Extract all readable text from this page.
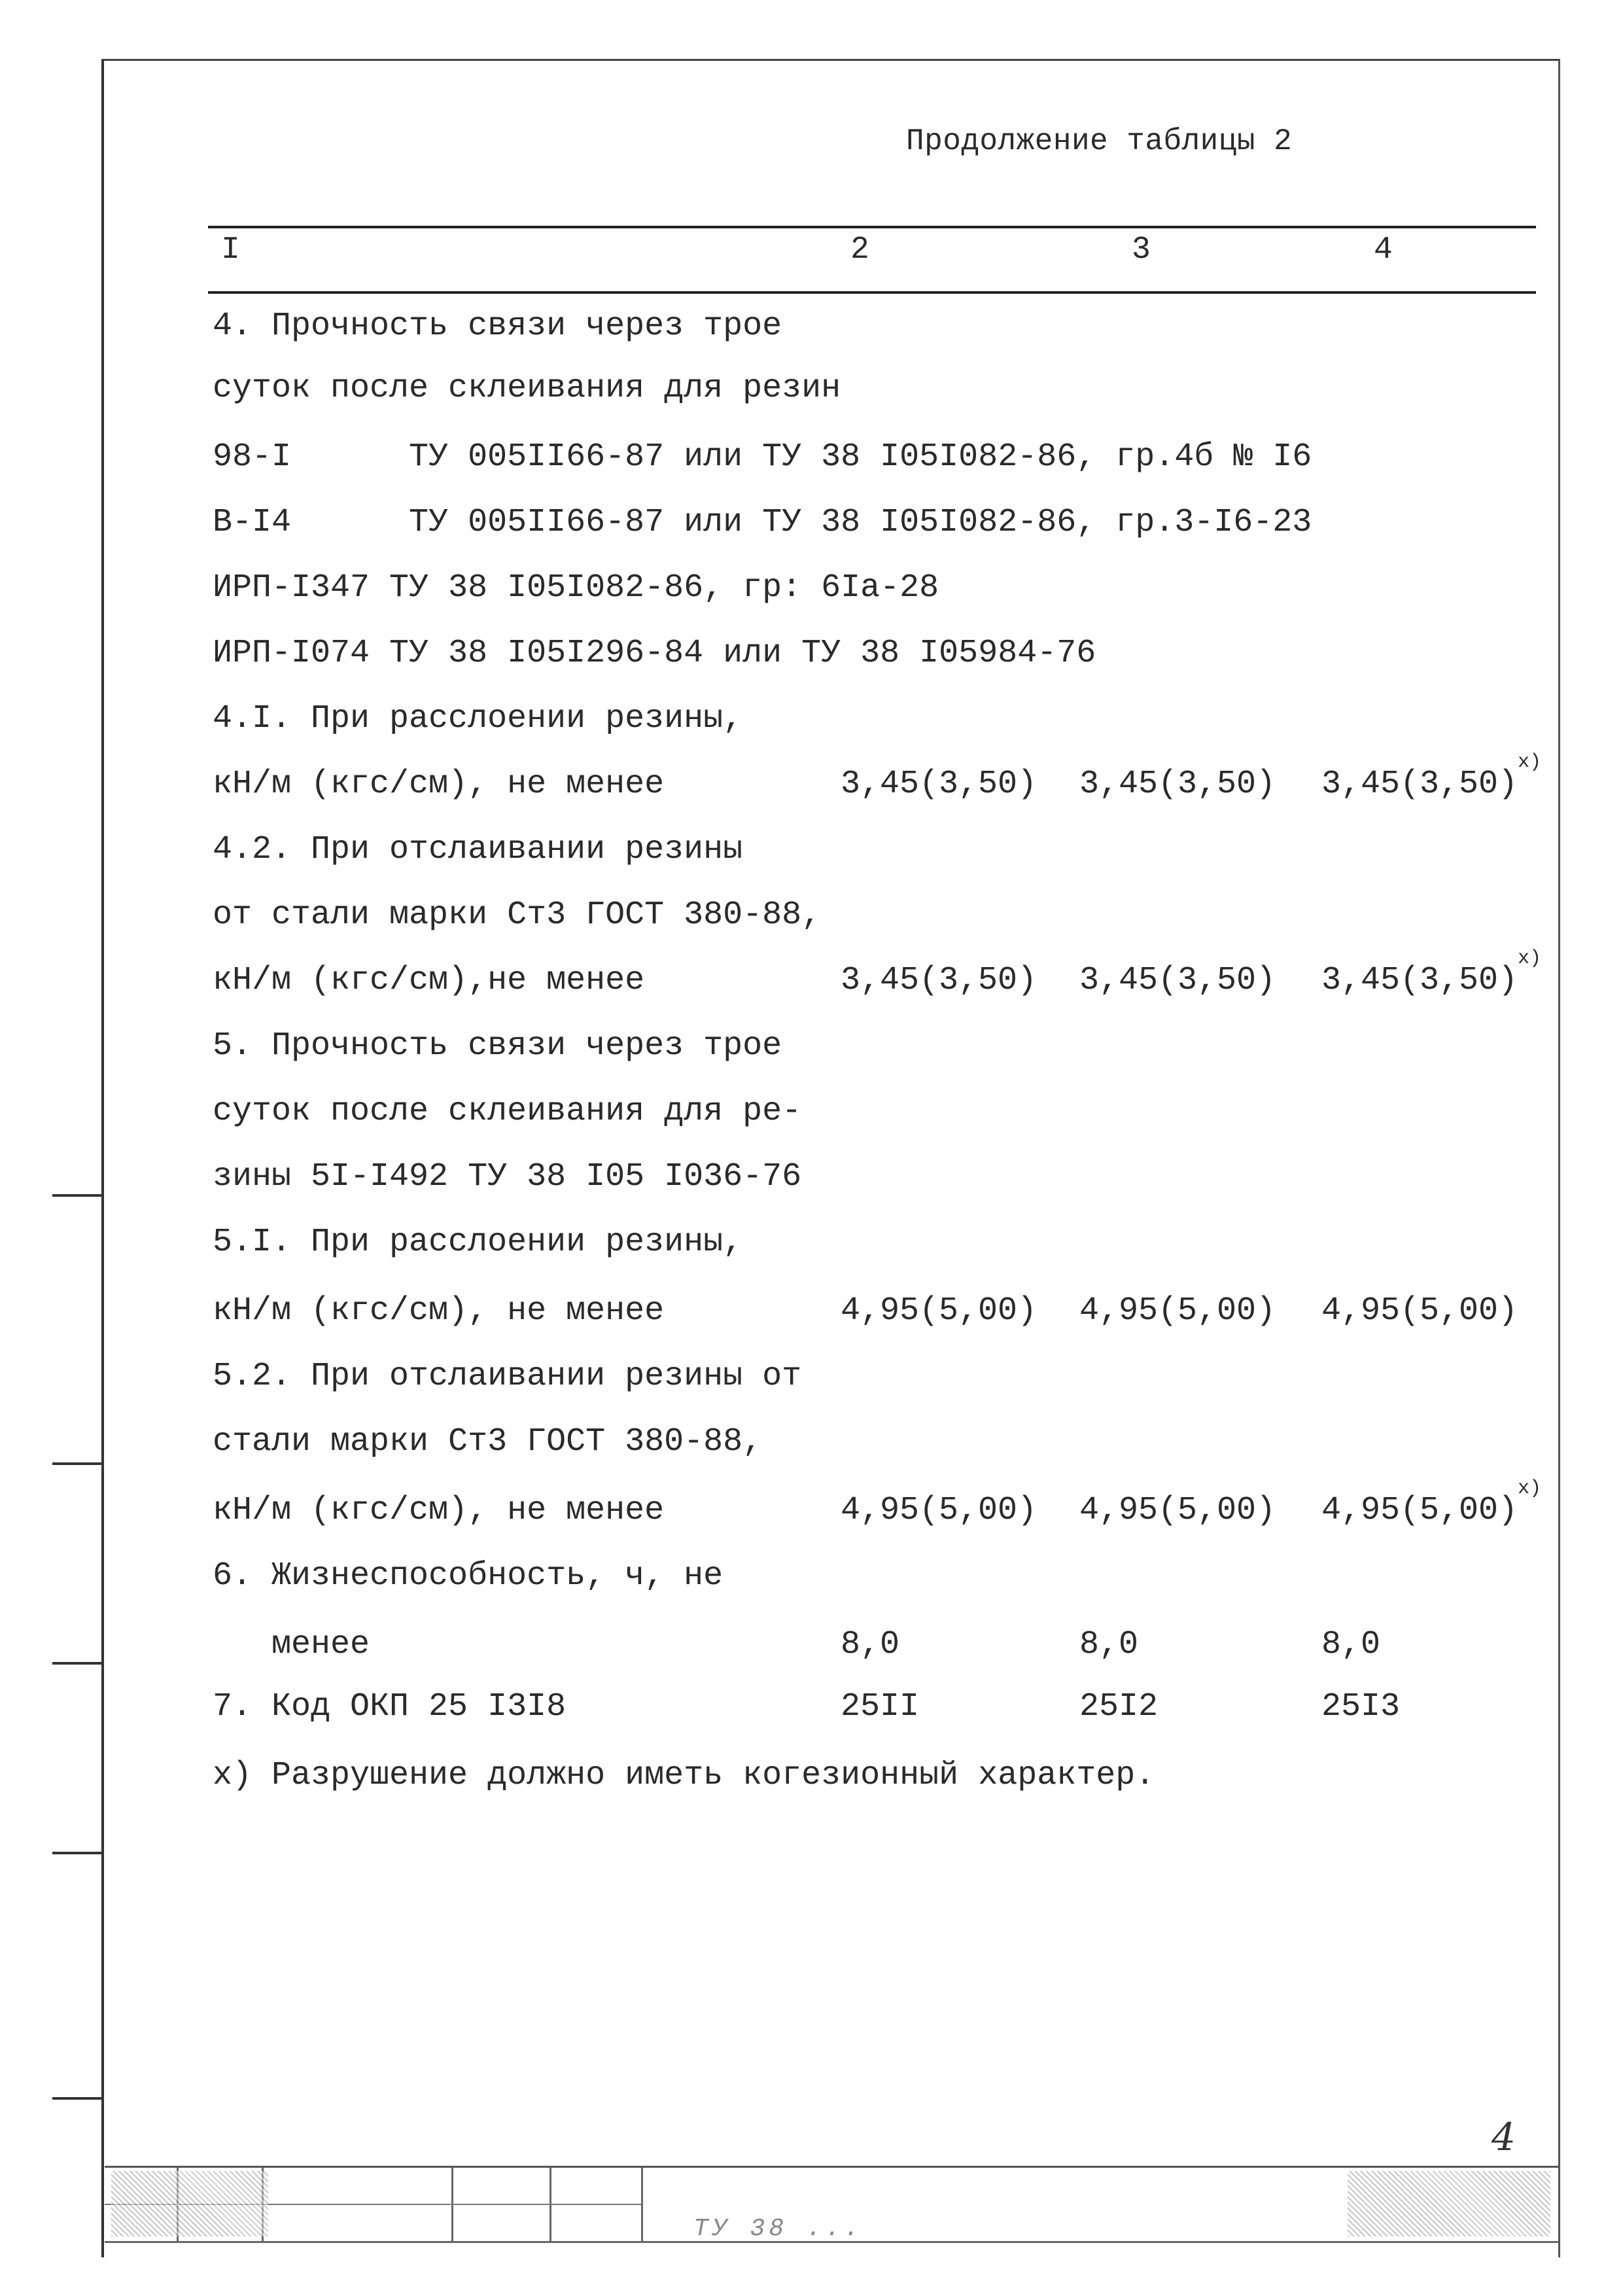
Продолжение таблицы 2
I	2	3	4
4. Прочность связи через трое
суток после склеивания для резин
98-I      ТУ 005II66-87 или ТУ 38 I05I082-86, гр.4б № I6
В-I4      ТУ 005II66-87 или ТУ 38 I05I082-86, гр.3-I6-23
ИРП-I347 ТУ 38 I05I082-86, гр: 6Iа-28
ИРП-I074 ТУ 38 I05I296-84 или ТУ 38 I05984-76
4.I. При расслоении резины,
кН/м (кгс/см), не менее	3,45(3,50) 3,45(3,50) 3,45(3,50)
x)
4.2. При отслаивании резины
от стали марки Ст3 ГОСТ 380-88,
кН/м (кгс/см),не менее	3,45(3,50) 3,45(3,50) 3,45(3,50)
x)
5. Прочность связи через трое
суток после склеивания для ре-
зины 5I-I492 ТУ 38 I05 I036-76
5.I. При расслоении резины,
кН/м (кгс/см), не менее	4,95(5,00) 4,95(5,00) 4,95(5,00)
5.2. При отслаивании резины от
стали марки Ст3 ГОСТ 380-88,
кН/м (кгс/см), не менее	4,95(5,00) 4,95(5,00) 4,95(5,00)
x)
6. Жизнеспособность, ч, не
менее	8,0	8,0	8,0
7. Код ОКП 25 I3I8	25II	25I2	25I3
х) Разрушение должно иметь когезионный характер.
ТУ 38 ...
4
